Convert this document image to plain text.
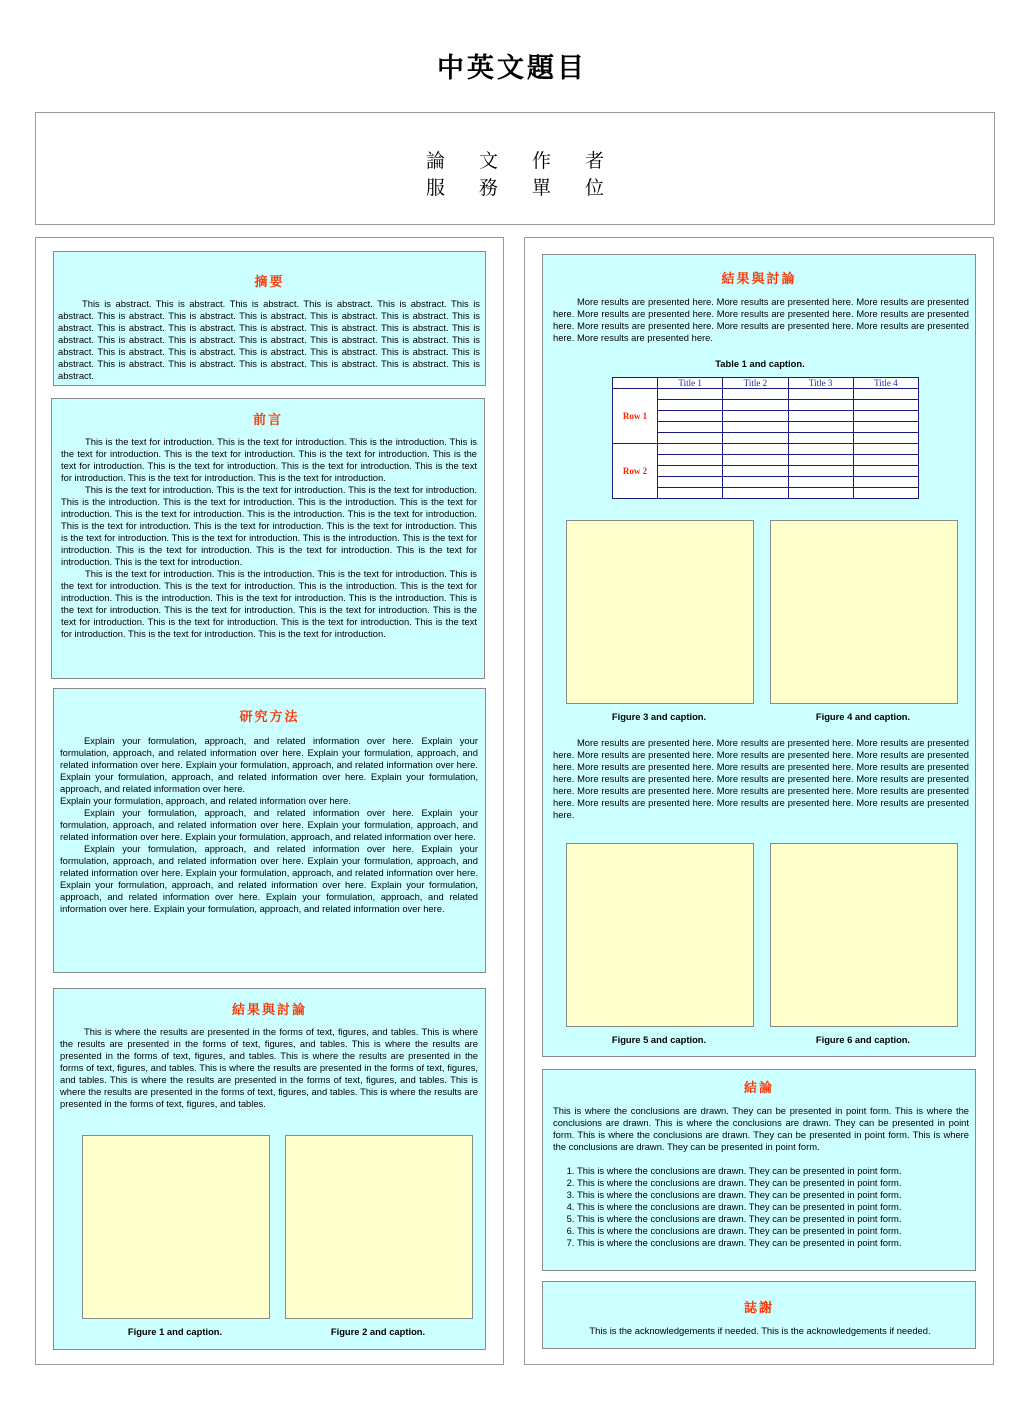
中英文題目
論文作者
服務單位
摘要

This is abstract. This is abstract. This is abstract. This is abstract. This is abstract. This is abstract. This is abstract. This is abstract. This is abstract. This is abstract. This is abstract. This is abstract. This is abstract. This is abstract. This is abstract. This is abstract. This is abstract. This is abstract. This is abstract. This is abstract. This is abstract. This is abstract. This is abstract. This is abstract. This is abstract. This is abstract. This is abstract. This is abstract. This is abstract. This is abstract. This is abstract. This is abstract. This is abstract. This is abstract. This is abstract. This is abstract.

前言

This is the text for introduction. This is the text for introduction. This is the introduction. This is the text for introduction. This is the text for introduction. This is the text for introduction. This is the text for introduction. This is the text for introduction. This is the text for introduction. This is the text for introduction. This is the text for introduction. This is the text for introduction.

This is the text for introduction. This is the text for introduction. This is the text for introduction. This is the introduction. This is the text for introduction. This is the introduction. This is the text for introduction. This is the text for introduction. This is the introduction. This is the text for introduction. This is the text for introduction. This is the text for introduction. This is the text for introduction. This is the text for introduction. This is the text for introduction. This is the introduction. This is the text for introduction. This is the text for introduction. This is the text for introduction. This is the text for introduction. This is the text for introduction.

This is the text for introduction. This is the introduction. This is the text for introduction. This is the text for introduction. This is the text for introduction. This is the introduction. This is the text for introduction. This is the introduction. This is the text for introduction. This is the introduction. This is the text for introduction. This is the text for introduction. This is the text for introduction. This is the text for introduction. This is the text for introduction. This is the text for introduction. This is the text for introduction. This is the text for introduction. This is the text for introduction.

研究方法

Explain your formulation, approach, and related information over here. Explain your formulation, approach, and related information over here. Explain your formulation, approach, and related information over here. Explain your formulation, approach, and related information over here. Explain your formulation, approach, and related information over here. Explain your formulation, approach, and related information over here.

Explain your formulation, approach, and related information over here.

Explain your formulation, approach, and related information over here. Explain your formulation, approach, and related information over here. Explain your formulation, approach, and related information over here. Explain your formulation, approach, and related information over here.

Explain your formulation, approach, and related information over here. Explain your formulation, approach, and related information over here. Explain your formulation, approach, and related information over here. Explain your formulation, approach, and related information over here. Explain your formulation, approach, and related information over here. Explain your formulation, approach, and related information over here. Explain your formulation, approach, and related information over here. Explain your formulation, approach, and related information over here.

結果與討論

This is where the results are presented in the forms of text, figures, and tables. This is where the results are presented in the forms of text, figures, and tables. This is where the results are presented in the forms of text, figures, and tables. This is where the results are presented in the forms of text, figures, and tables. This is where the results are presented in the forms of text, figures, and tables. This is where the results are presented in the forms of text, figures, and tables. This is where the results are presented in the forms of text, figures, and tables. This is where the results are presented in the forms of text, figures, and tables.

Figure 1 and caption.	Figure 2 and caption.
結果與討論

More results are presented here. More results are presented here. More results are presented here. More results are presented here. More results are presented here. More results are presented here. More results are presented here. More results are presented here. More results are presented here. More results are presented here.

Table 1 and caption.
	Title 1	Title 2	Title 3	Title 4
Row 1				

Row 2				

Figure 3 and caption.	Figure 4 and caption.

More results are presented here. More results are presented here. More results are presented here. More results are presented here. More results are presented here. More results are presented here. More results are presented here. More results are presented here. More results are presented here. More results are presented here. More results are presented here. More results are presented here. More results are presented here. More results are presented here. More results are presented here. More results are presented here. More results are presented here. More results are presented here.

Figure 5 and caption.	Figure 6 and caption.
結論

This is where the conclusions are drawn. They can be presented in point form. This is where the conclusions are drawn. This is where the conclusions are drawn. They can be presented in point form. This is where the conclusions are drawn. They can be presented in point form. This is where the conclusions are drawn. They can be presented in point form.

1. This is where the conclusions are drawn. They can be presented in point form.
2. This is where the conclusions are drawn. They can be presented in point form.
3. This is where the conclusions are drawn. They can be presented in point form.
4. This is where the conclusions are drawn. They can be presented in point form.
5. This is where the conclusions are drawn. They can be presented in point form.
6. This is where the conclusions are drawn. They can be presented in point form.
7. This is where the conclusions are drawn. They can be presented in point form.
誌謝

This is the acknowledgements if needed. This is the acknowledgements if needed.
